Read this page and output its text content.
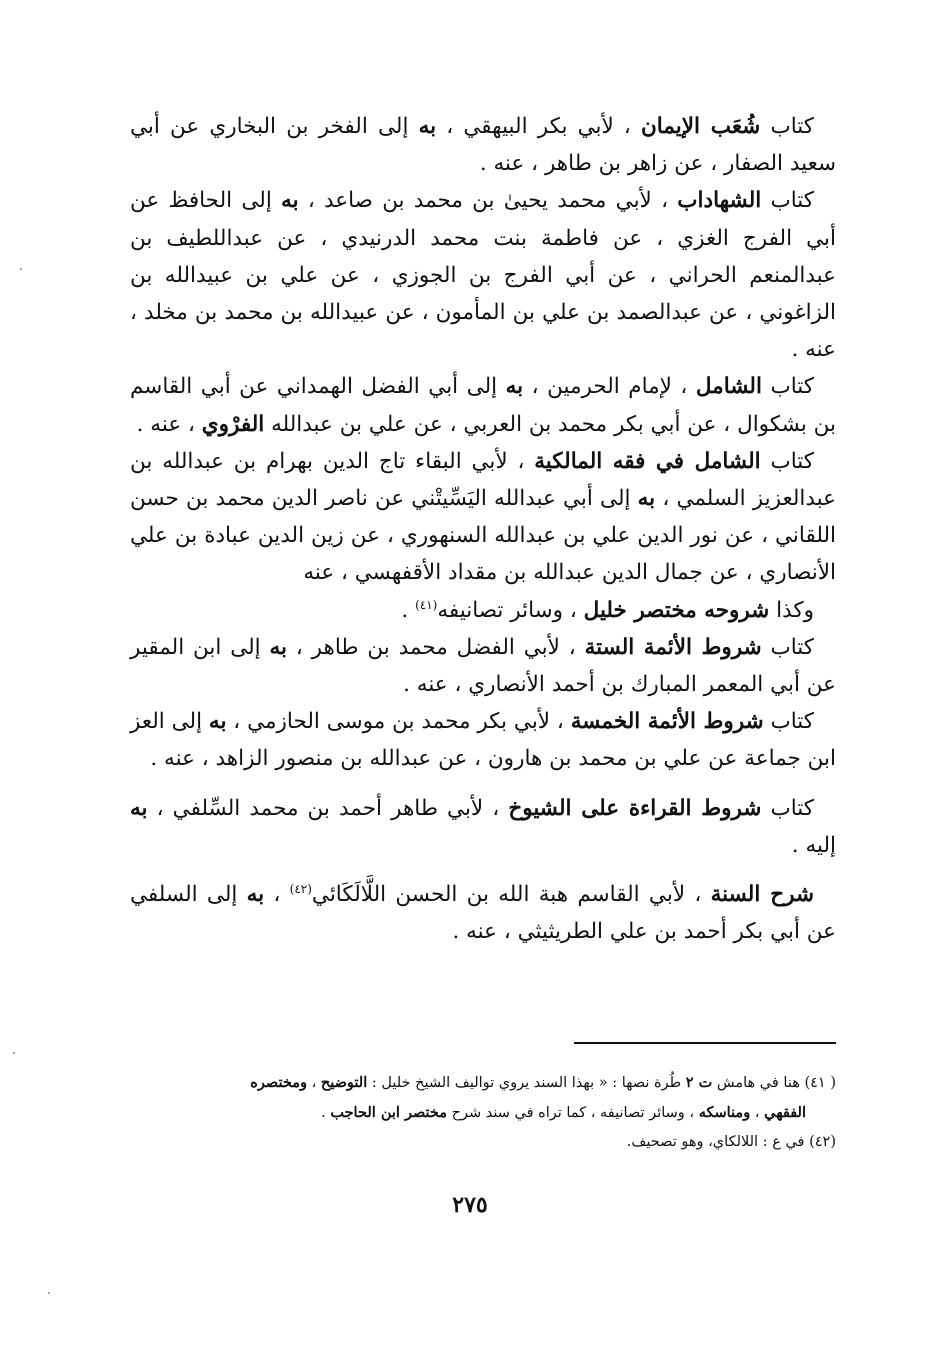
كتاب شُعَب الإيمان ، لأبي بكر البيهقي ، به إلى الفخر بن البخاري عن أبي سعيد الصفار ، عن زاهر بن طاهر ، عنه .

كتاب الشهاداب ، لأبي محمد يحيىٰ بن محمد بن صاعد ، به إلى الحافظ عن أبي الفرج الغزي ، عن فاطمة بنت محمد الدرنيدي ، عن عبداللطيف بن عبدالمنعم الحراني ، عن أبي الفرج بن الجوزي ، عن علي بن عبيدالله بن الزاغوني ، عن عبدالصمد بن علي بن المأمون ، عن عبيدالله بن محمد بن مخلد ، عنه .

كتاب الشامل ، لإمام الحرمين ، به إلى أبي الفضل الهمداني عن أبي القاسم بن بشكوال ، عن أبي بكر محمد بن العربي ، عن علي بن عبدالله الفرْوي ، عنه .

كتاب الشامل في فقه المالكية ، لأبي البقاء تاج الدين بهرام بن عبدالله بن عبدالعزيز السلمي ، به إلى أبي عبدالله اليَسِّيتْني عن ناصر الدين محمد بن حسن اللقاني ، عن نور الدين علي بن عبدالله السنهوري ، عن زين الدين عبادة بن علي الأنصاري ، عن جمال الدين عبدالله بن مقداد الأقفهسي ، عنه

وكذا شروحه مختصر خليل ، وسائر تصانيفه$^{(٤١)}$ .

كتاب شروط الأئمة الستة ، لأبي الفضل محمد بن طاهر ، به إلى ابن المقير عن أبي المعمر المبارك بن أحمد الأنصاري ، عنه .

كتاب شروط الأئمة الخمسة ، لأبي بكر محمد بن موسى الحازمي ، به إلى العز ابن جماعة عن علي بن محمد بن هارون ، عن عبدالله بن منصور الزاهد ، عنه .

كتاب شروط القراءة على الشيوخ ، لأبي طاهر أحمد بن محمد السِّلفي ، به إليه .

شرح السنة ، لأبي القاسم هبة الله بن الحسن اللَّالَكَائي$^{(٤٢)}$ ، به إلى السلفي عن أبي بكر أحمد بن علي الطريثيثي ، عنه .

( ٤١) هنا في هامش ت ٢ طُرة نصها : « بهذا السند يروي تواليف الشيخ خليل : التوضيح ، ومختصره

الفقهي ، ومناسكه ، وسائر تصانيفه ، كما تراه في سند شرح مختصر ابن الحاجب .

(٤٢) في ع : اللالكاي، وهو تصحيف.

٢٧٥
